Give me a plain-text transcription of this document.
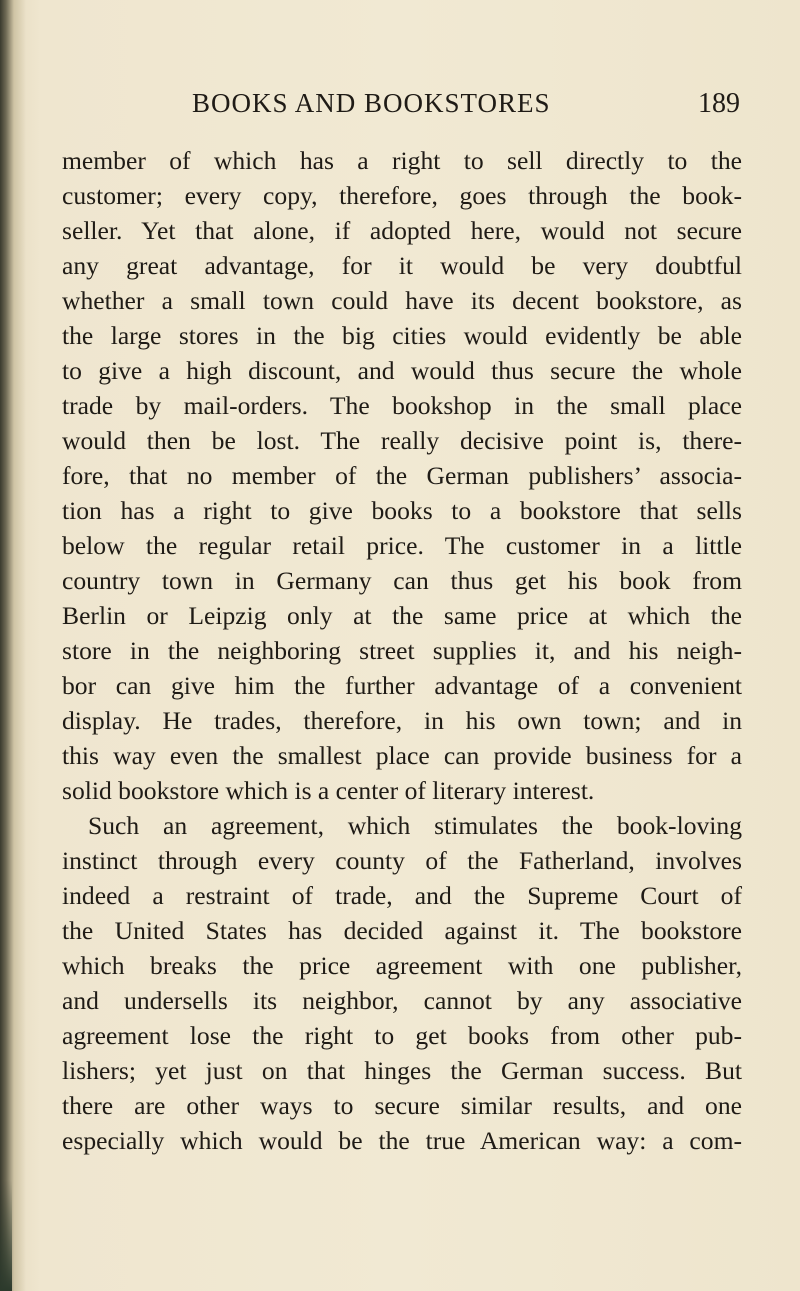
BOOKS AND BOOKSTORES	189
member of which has a right to sell directly to the
customer; every copy, therefore, goes through the book-
seller. Yet that alone, if adopted here, would not secure
any great advantage, for it would be very doubtful
whether a small town could have its decent bookstore, as
the large stores in the big cities would evidently be able
to give a high discount, and would thus secure the whole
trade by mail-orders. The bookshop in the small place
would then be lost. The really decisive point is, there-
fore, that no member of the German publishers’ associa-
tion has a right to give books to a bookstore that sells
below the regular retail price. The customer in a little
country town in Germany can thus get his book from
Berlin or Leipzig only at the same price at which the
store in the neighboring street supplies it, and his neigh-
bor can give him the further advantage of a convenient
display. He trades, therefore, in his own town; and in
this way even the smallest place can provide business for a
solid bookstore which is a center of literary interest.
Such an agreement, which stimulates the book-loving
instinct through every county of the Fatherland, involves
indeed a restraint of trade, and the Supreme Court of
the United States has decided against it. The bookstore
which breaks the price agreement with one publisher,
and undersells its neighbor, cannot by any associative
agreement lose the right to get books from other pub-
lishers; yet just on that hinges the German success. But
there are other ways to secure similar results, and one
especially which would be the true American way: a com-
